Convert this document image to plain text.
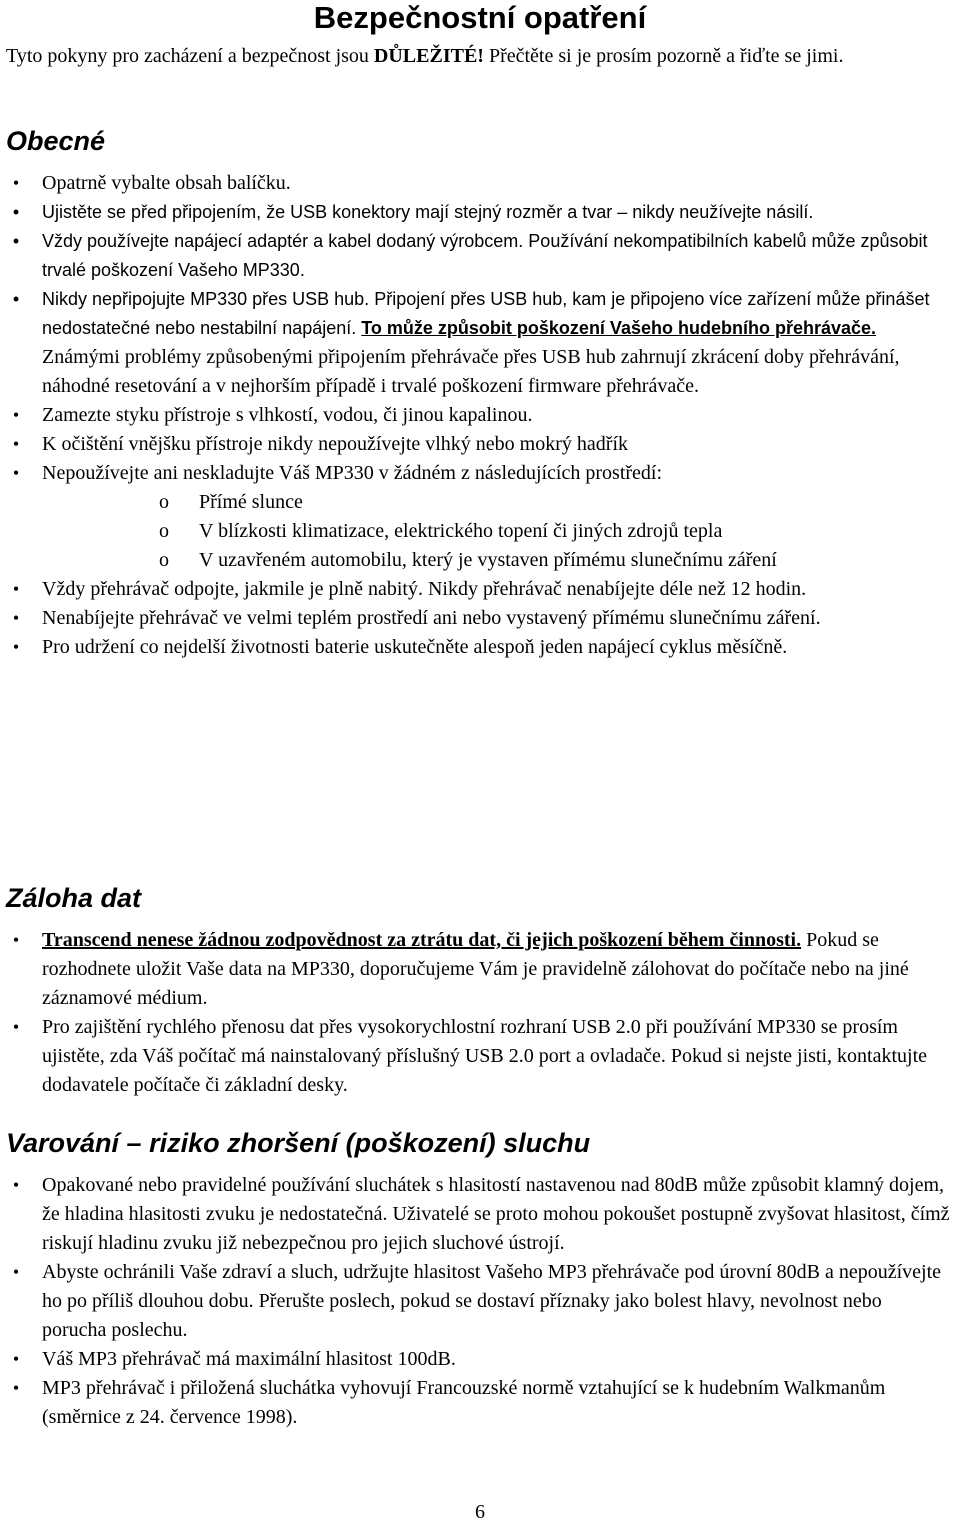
Bezpečnostní opatření

Tyto pokyny pro zacházení a bezpečnost jsou DŮLEŽITÉ! Přečtěte si je prosím pozorně a řiďte se jimi.

Obecné
•	Opatrně vybalte obsah balíčku.
•	Ujistěte se před připojením, že USB konektory mají stejný rozměr a tvar – nikdy neužívejte násilí.
•	Vždy používejte napájecí adaptér a kabel dodaný výrobcem. Používání nekompatibilních kabelů může způsobit trvalé poškození Vašeho MP330.
•	Nikdy nepřipojujte MP330 přes USB hub. Připojení přes USB hub, kam je připojeno více zařízení může přinášet nedostatečné nebo nestabilní napájení. To může způsobit poškození Vašeho hudebního přehrávače. Známými problémy způsobenými připojením přehrávače přes USB hub zahrnují zkrácení doby přehrávání, náhodné resetování a v nejhorším případě i trvalé poškození firmware přehrávače.
•	Zamezte styku přístroje s vlhkostí, vodou, či jinou kapalinou.
•	K očištění vnějšku přístroje nikdy nepoužívejte vlhký nebo mokrý hadřík
•	Nepoužívejte ani neskladujte Váš MP330 v žádném z následujících prostředí:
o Přímé slunce
o V blízkosti klimatizace, elektrického topení či jiných zdrojů tepla
o V uzavřeném automobilu, který je vystaven přímému slunečnímu záření
•	Vždy přehrávač odpojte, jakmile je plně nabitý. Nikdy přehrávač nenabíjejte déle než 12 hodin.
•	Nenabíjejte přehrávač ve velmi teplém prostředí ani nebo vystavený přímému slunečnímu záření.
•	Pro udržení co nejdelší životnosti baterie uskutečněte alespoň jeden napájecí cyklus měsíčně.
Záloha dat
•	Transcend nenese žádnou zodpovědnost za ztrátu dat, či jejich poškození během činnosti. Pokud se rozhodnete uložit Vaše data na MP330, doporučujeme Vám je pravidelně zálohovat do počítače nebo na jiné záznamové médium.
•	Pro zajištění rychlého přenosu dat přes vysokorychlostní rozhraní USB 2.0 při používání MP330 se prosím ujistěte, zda Váš počítač má nainstalovaný příslušný USB 2.0 port a ovladače. Pokud si nejste jisti, kontaktujte dodavatele počítače či základní desky.
Varování – riziko zhoršení (poškození) sluchu
•	Opakované nebo pravidelné používání sluchátek s hlasitostí nastavenou nad 80dB může způsobit klamný dojem, že hladina hlasitosti zvuku je nedostatečná. Uživatelé se proto mohou pokoušet postupně zvyšovat hlasitost, čímž riskují hladinu zvuku již nebezpečnou pro jejich sluchové ústrojí.
•	Abyste ochránili Vaše zdraví a sluch, udržujte hlasitost Vašeho MP3 přehrávače pod úrovní 80dB a nepoužívejte ho po příliš dlouhou dobu. Přerušte poslech, pokud se dostaví příznaky jako bolest hlavy, nevolnost nebo porucha poslechu.
•	Váš MP3 přehrávač má maximální hlasitost 100dB.
•	MP3 přehrávač i přiložená sluchátka vyhovují Francouzské normě vztahující se k hudebním Walkmanům (směrnice z 24. července 1998).
6
